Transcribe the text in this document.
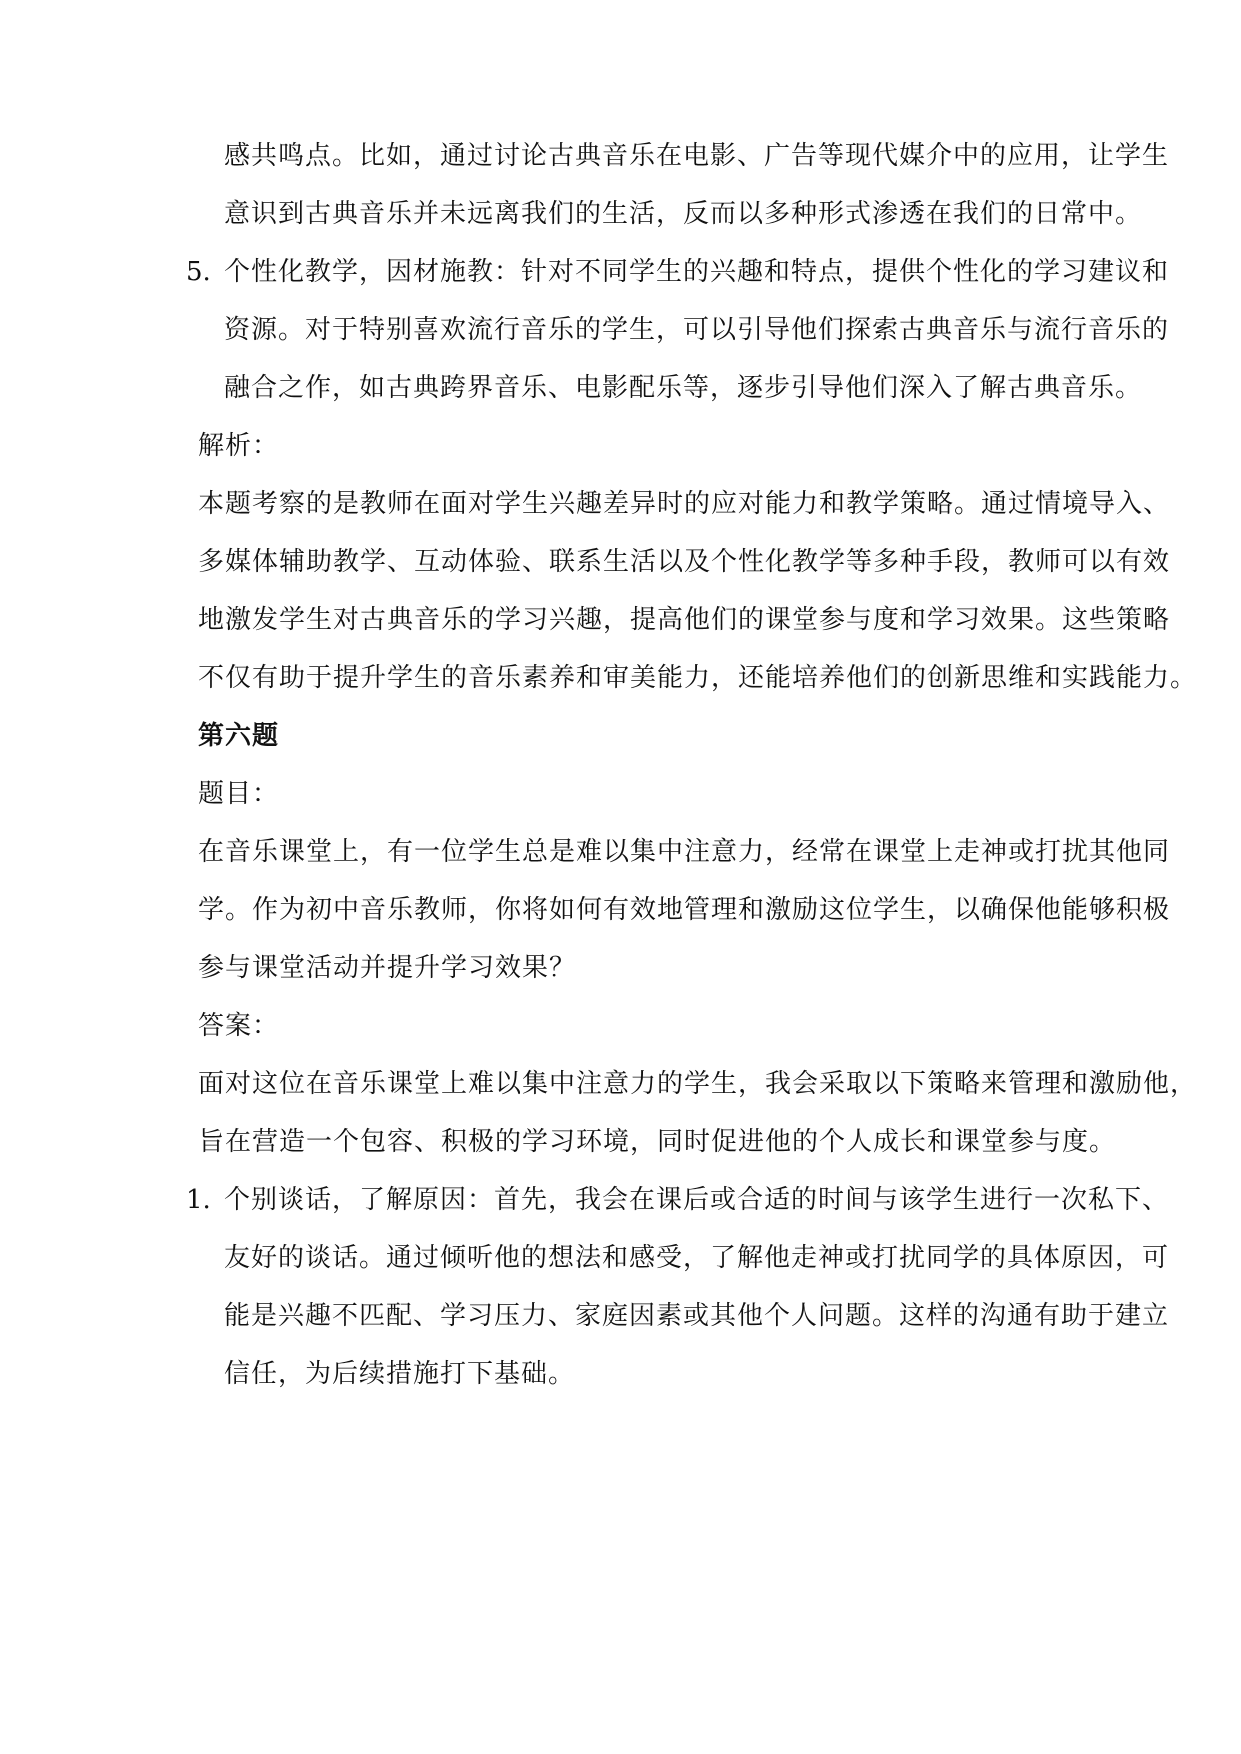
感共鸣点。比如，通过讨论古典音乐在电影、广告等现代媒介中的应用，让学生
意识到古典音乐并未远离我们的生活，反而以多种形式渗透在我们的日常中。
5. 个性化教学，因材施教：针对不同学生的兴趣和特点，提供个性化的学习建议和
资源。对于特别喜欢流行音乐的学生，可以引导他们探索古典音乐与流行音乐的
融合之作，如古典跨界音乐、电影配乐等，逐步引导他们深入了解古典音乐。
解析：
本题考察的是教师在面对学生兴趣差异时的应对能力和教学策略。通过情境导入、
多媒体辅助教学、互动体验、联系生活以及个性化教学等多种手段，教师可以有效
地激发学生对古典音乐的学习兴趣，提高他们的课堂参与度和学习效果。这些策略
不仅有助于提升学生的音乐素养和审美能力，还能培养他们的创新思维和实践能力。
第六题
题目：
在音乐课堂上，有一位学生总是难以集中注意力，经常在课堂上走神或打扰其他同
学。作为初中音乐教师，你将如何有效地管理和激励这位学生，以确保他能够积极
参与课堂活动并提升学习效果？
答案：
面对这位在音乐课堂上难以集中注意力的学生，我会采取以下策略来管理和激励他，
旨在营造一个包容、积极的学习环境，同时促进他的个人成长和课堂参与度。
1. 个别谈话，了解原因：首先，我会在课后或合适的时间与该学生进行一次私下、
友好的谈话。通过倾听他的想法和感受，了解他走神或打扰同学的具体原因，可
能是兴趣不匹配、学习压力、家庭因素或其他个人问题。这样的沟通有助于建立
信任，为后续措施打下基础。
